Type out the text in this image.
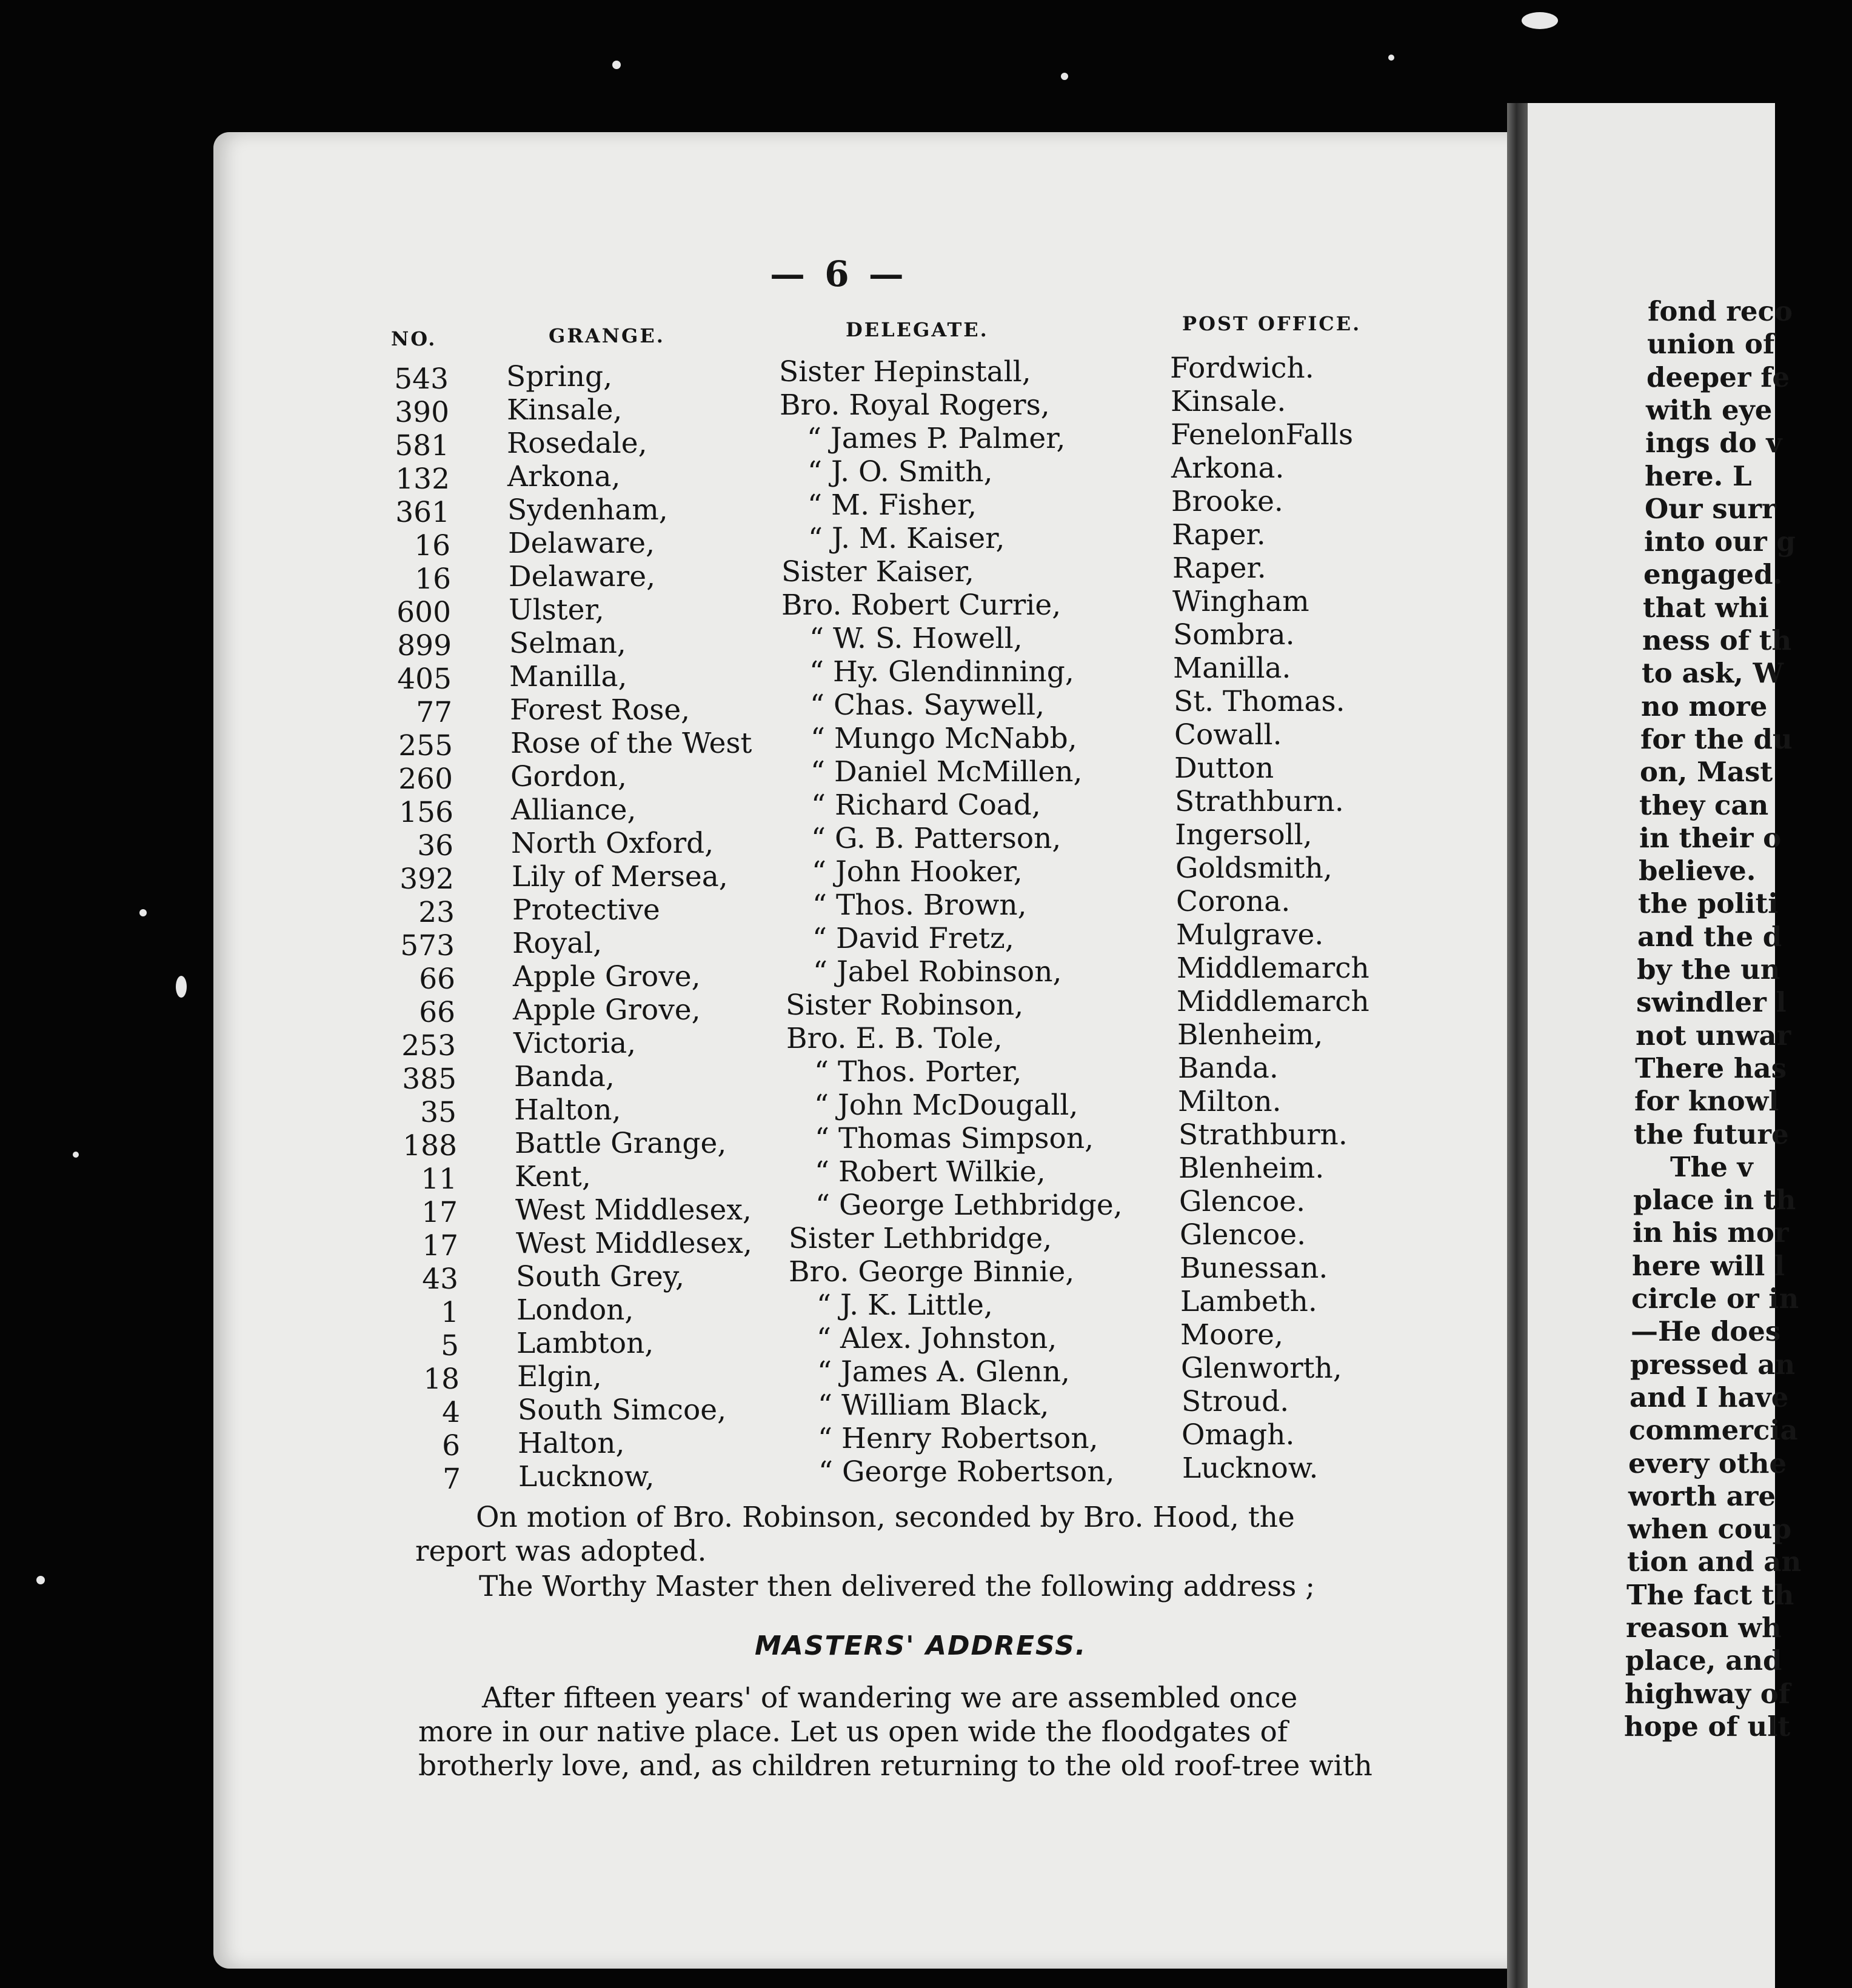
— 6 —
NO.	GRANGE.	DELEGATE.	POST OFFICE.
543 Spring,	Sister Hepinstall,	Fordwich.
390 Kinsale,	Bro. Royal Rogers,	Kinsale.
581 Rosedale,	“ James P. Palmer,	FenelonFalls
132 Arkona,	“ J. O. Smith,	Arkona.
361 Sydenham,	“ M. Fisher,	Brooke.
16 Delaware,	“ J. M. Kaiser,	Raper.
16 Delaware,	Sister Kaiser,	Raper.
600 Ulster,	Bro. Robert Currie,	Wingham
899 Selman,	“ W. S. Howell,	Sombra.
405 Manilla,	“ Hy. Glendinning,	Manilla.
77 Forest Rose,	“ Chas. Saywell,	St. Thomas.
255 Rose of the West “ Mungo McNabb,	Cowall.
260 Gordon,	“ Daniel McMillen,	Dutton
156 Alliance,	“ Richard Coad,	Strathburn.
36 North Oxford,	“ G. B. Patterson,	Ingersoll,
392 Lily of Mersea,	“ John Hooker,	Goldsmith,
23 Protective	“ Thos. Brown,	Corona.
573 Royal,	“ David Fretz,	Mulgrave.
66 Apple Grove,	“ Jabel Robinson,	Middlemarch
66 Apple Grove,	Sister Robinson,	Middlemarch
253 Victoria,	Bro. E. B. Tole,	Blenheim,
385 Banda,	“ Thos. Porter,	Banda.
35 Halton,	“ John McDougall,	Milton.
188 Battle Grange,	“ Thomas Simpson,	Strathburn.
11 Kent,	“ Robert Wilkie,	Blenheim.
17 West Middlesex, “ George Lethbridge, Glencoe.
17 West Middlesex, Sister Lethbridge,	Glencoe.
43 South Grey,	Bro. George Binnie,	Bunessan.
1 London,	“ J. K. Little,	Lambeth.
5 Lambton,	“ Alex. Johnston,	Moore,
18 Elgin,	“ James A. Glenn,	Glenworth,
4 South Simcoe,	“ William Black,	Stroud.
6 Halton,	“ Henry Robertson,	Omagh.
7 Lucknow,	“ George Robertson, Lucknow.
On motion of Bro. Robinson, seconded by Bro. Hood, the
report was adopted.
The Worthy Master then delivered the following address ;
MASTERS' ADDRESS.
After fifteen years' of wandering we are assembled once
more in our native place. Let us open wide the floodgates of
brotherly love, and, as children returning to the old roof-tree with
fond reco
union of
deeper fe
with eye
ings do v
here. L
Our surr
into our g
engaged.
that whi
ness of th
to ask, W
no more
for the du
on, Mast
they can
in their o
believe.
the politi
and the d
by the un
swindler l
not unwar
There has
for knowl
the future
The v
place in th
in his mor
here will l
circle or in
—He does
pressed an
and I have
commercia
every othe
worth are
when coup
tion and an
The fact th
reason wh
place, and
highway of
hope of ult
